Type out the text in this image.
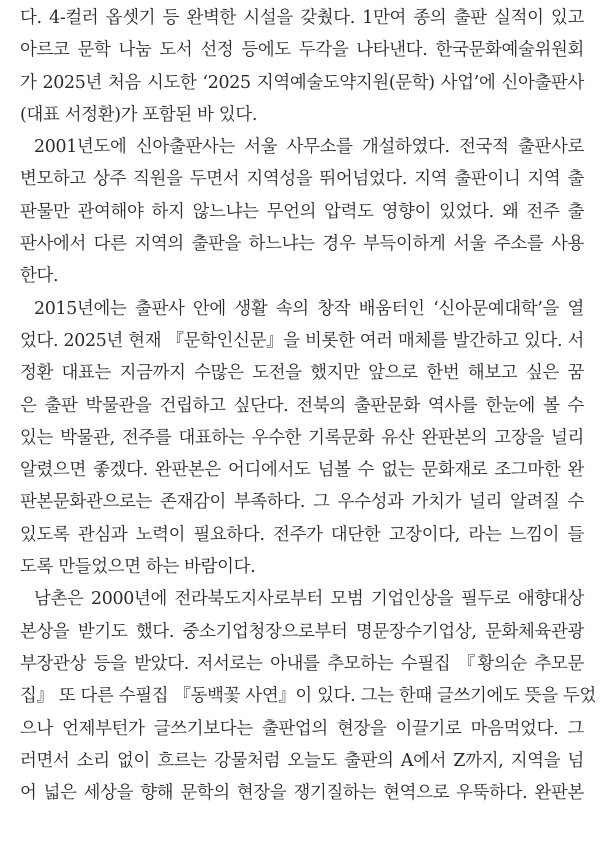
다. 4-컬러 옵셋기 등 완벽한 시설을 갖췄다. 1만여 종의 출판 실적이 있고
아르코 문학 나눔 도서 선정 등에도 두각을 나타낸다. 한국문화예술위원회
가 2025년 처음 시도한 ‘2025 지역예술도약지원(문학) 사업’에 신아출판사
(대표 서정환)가 포함된 바 있다.
2001년도에 신아출판사는 서울 사무소를 개설하였다. 전국적 출판사로
변모하고 상주 직원을 두면서 지역성을 뛰어넘었다. 지역 출판이니 지역 출
판물만 관여해야 하지 않느냐는 무언의 압력도 영향이 있었다. 왜 전주 출
판사에서 다른 지역의 출판을 하느냐는 경우 부득이하게 서울 주소를 사용
한다.
2015년에는 출판사 안에 생활 속의 창작 배움터인 ‘신아문예대학’을 열
었다. 2025년 현재 『문학인신문』을 비롯한 여러 매체를 발간하고 있다. 서
정환 대표는 지금까지 수많은 도전을 했지만 앞으로 한번 해보고 싶은 꿈
은 출판 박물관을 건립하고 싶단다. 전북의 출판문화 역사를 한눈에 볼 수
있는 박물관, 전주를 대표하는 우수한 기록문화 유산 완판본의 고장을 널리
알렸으면 좋겠다. 완판본은 어디에서도 넘볼 수 없는 문화재로 조그마한 완
판본문화관으로는 존재감이 부족하다. 그 우수성과 가치가 널리 알려질 수
있도록 관심과 노력이 필요하다. 전주가 대단한 고장이다, 라는 느낌이 들
도록 만들었으면 하는 바람이다.
남촌은 2000년에 전라북도지사로부터 모범 기업인상을 필두로 애향대상
본상을 받기도 했다. 중소기업청장으로부터 명문장수기업상, 문화체육관광
부장관상 등을 받았다. 저서로는 아내를 추모하는 수필집 『황의순 추모문
집』 또 다른 수필집 『동백꽃 사연』이 있다. 그는 한때 글쓰기에도 뜻을 두었
으나 언제부턴가 글쓰기보다는 출판업의 현장을 이끌기로 마음먹었다. 그
러면서 소리 없이 흐르는 강물처럼 오늘도 출판의 A에서 Z까지, 지역을 넘
어 넓은 세상을 향해 문학의 현장을 쟁기질하는 현역으로 우뚝하다. 완판본
